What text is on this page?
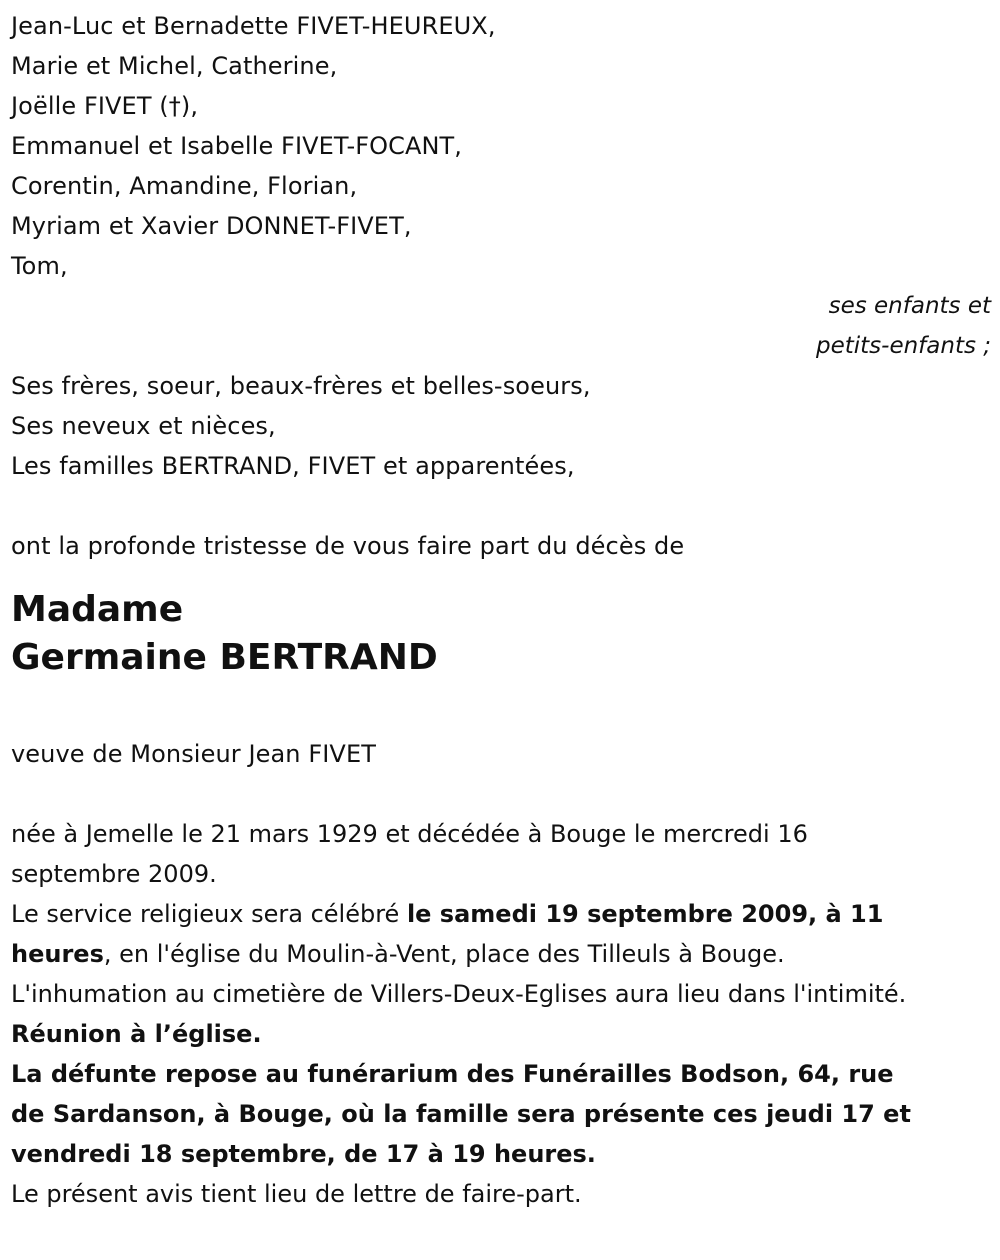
Jean-Luc et Bernadette FIVET-HEUREUX,
Marie et Michel, Catherine,
Joëlle FIVET (†),
Emmanuel et Isabelle FIVET-FOCANT,
Corentin, Amandine, Florian,
Myriam et Xavier DONNET-FIVET,
Tom,
ses enfants et
petits-enfants ;
Ses frères, soeur, beaux-frères et belles-soeurs,
Ses neveux et nièces,
Les familles BERTRAND, FIVET et apparentées,
ont la profonde tristesse de vous faire part du décès de
Madame
Germaine BERTRAND
veuve de Monsieur Jean FIVET
née à Jemelle le 21 mars 1929 et décédée à Bouge le mercredi 16 septembre 2009.
Le service religieux sera célébré le samedi 19 septembre 2009, à 11 heures, en l'église du Moulin-à-Vent, place des Tilleuls à Bouge.
L'inhumation au cimetière de Villers-Deux-Eglises aura lieu dans l'intimité.
Réunion à l’église.
La défunte repose au funérarium des Funérailles Bodson, 64, rue de Sardanson, à Bouge, où la famille sera présente ces jeudi 17 et vendredi 18 septembre, de 17 à 19 heures.
Le présent avis tient lieu de lettre de faire-part.
